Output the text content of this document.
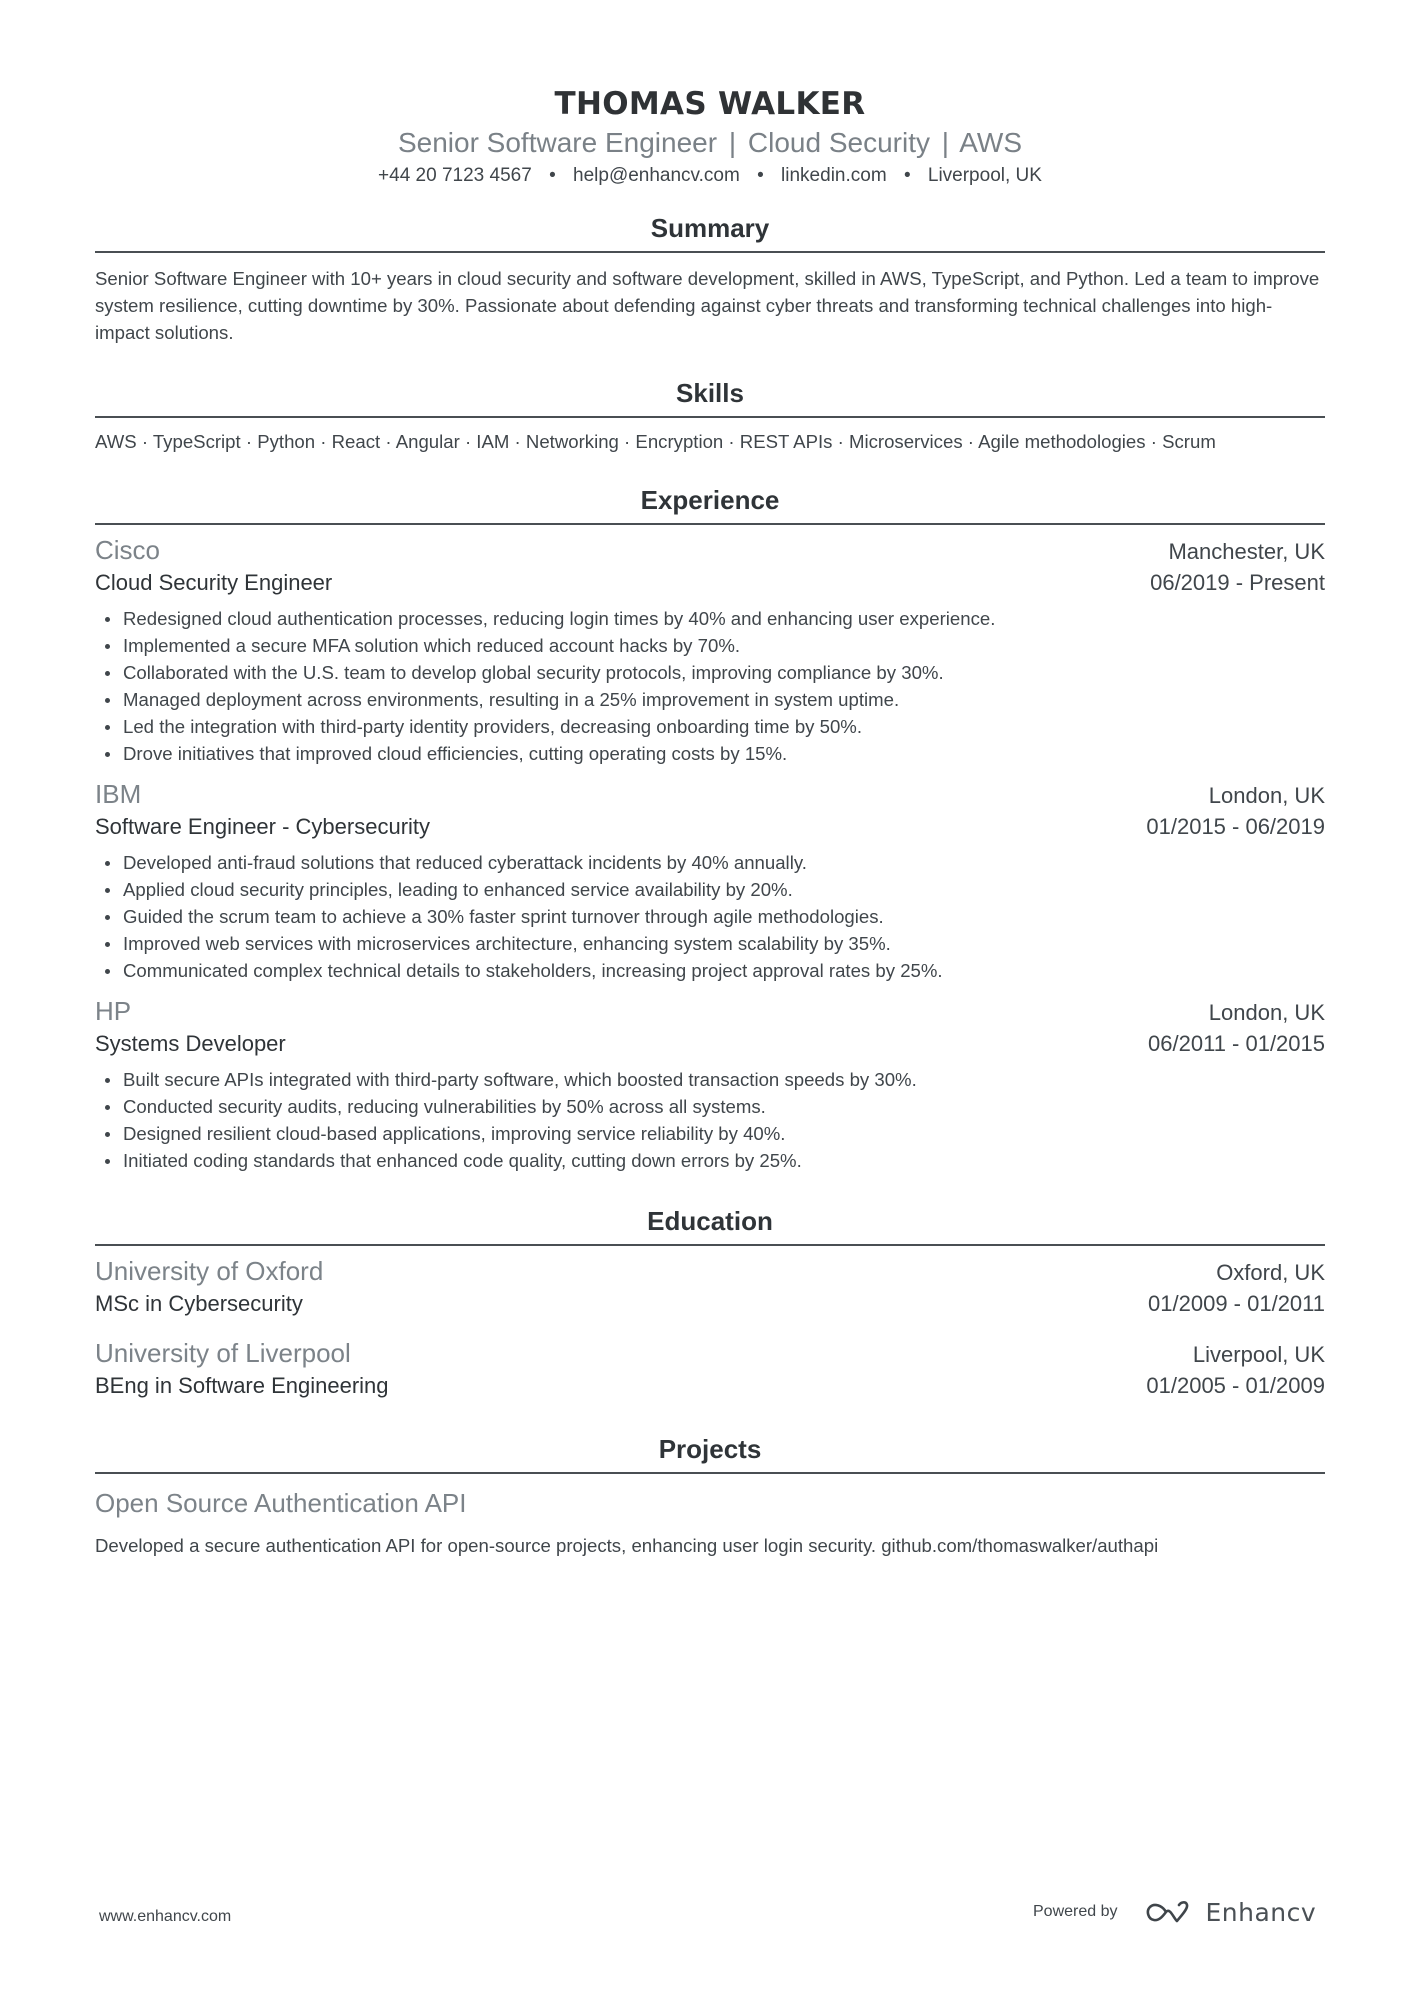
THOMAS WALKER
Senior Software Engineer | Cloud Security | AWS
+44 20 7123 4567 • help@enhancv.com • linkedin.com • Liverpool, UK
Summary

Senior Software Engineer with 10+ years in cloud security and software development, skilled in AWS, TypeScript, and Python. Led a team to improve system resilience, cutting downtime by 30%. Passionate about defending against cyber threats and transforming technical challenges into high-impact solutions.

Skills

AWS · TypeScript · Python · React · Angular · IAM · Networking · Encryption · REST APIs · Microservices · Agile methodologies · Scrum

Experience
Cisco	Manchester, UK
Cloud Security Engineer	06/2019 - Present
Redesigned cloud authentication processes, reducing login times by 40% and enhancing user experience.
Implemented a secure MFA solution which reduced account hacks by 70%.
Collaborated with the U.S. team to develop global security protocols, improving compliance by 30%.
Managed deployment across environments, resulting in a 25% improvement in system uptime.
Led the integration with third-party identity providers, decreasing onboarding time by 50%.
Drove initiatives that improved cloud efficiencies, cutting operating costs by 15%.
IBM	London, UK
Software Engineer - Cybersecurity	01/2015 - 06/2019
Developed anti-fraud solutions that reduced cyberattack incidents by 40% annually.
Applied cloud security principles, leading to enhanced service availability by 20%.
Guided the scrum team to achieve a 30% faster sprint turnover through agile methodologies.
Improved web services with microservices architecture, enhancing system scalability by 35%.
Communicated complex technical details to stakeholders, increasing project approval rates by 25%.
HP	London, UK
Systems Developer	06/2011 - 01/2015
Built secure APIs integrated with third-party software, which boosted transaction speeds by 30%.
Conducted security audits, reducing vulnerabilities by 50% across all systems.
Designed resilient cloud-based applications, improving service reliability by 40%.
Initiated coding standards that enhanced code quality, cutting down errors by 25%.
Education
University of Oxford	Oxford, UK
MSc in Cybersecurity	01/2009 - 01/2011
University of Liverpool	Liverpool, UK
BEng in Software Engineering	01/2005 - 01/2009
Projects
Open Source Authentication API

Developed a secure authentication API for open-source projects, enhancing user login security. github.com/thomaswalker/authapi

www.enhancv.com	Powered by	Enhancv
